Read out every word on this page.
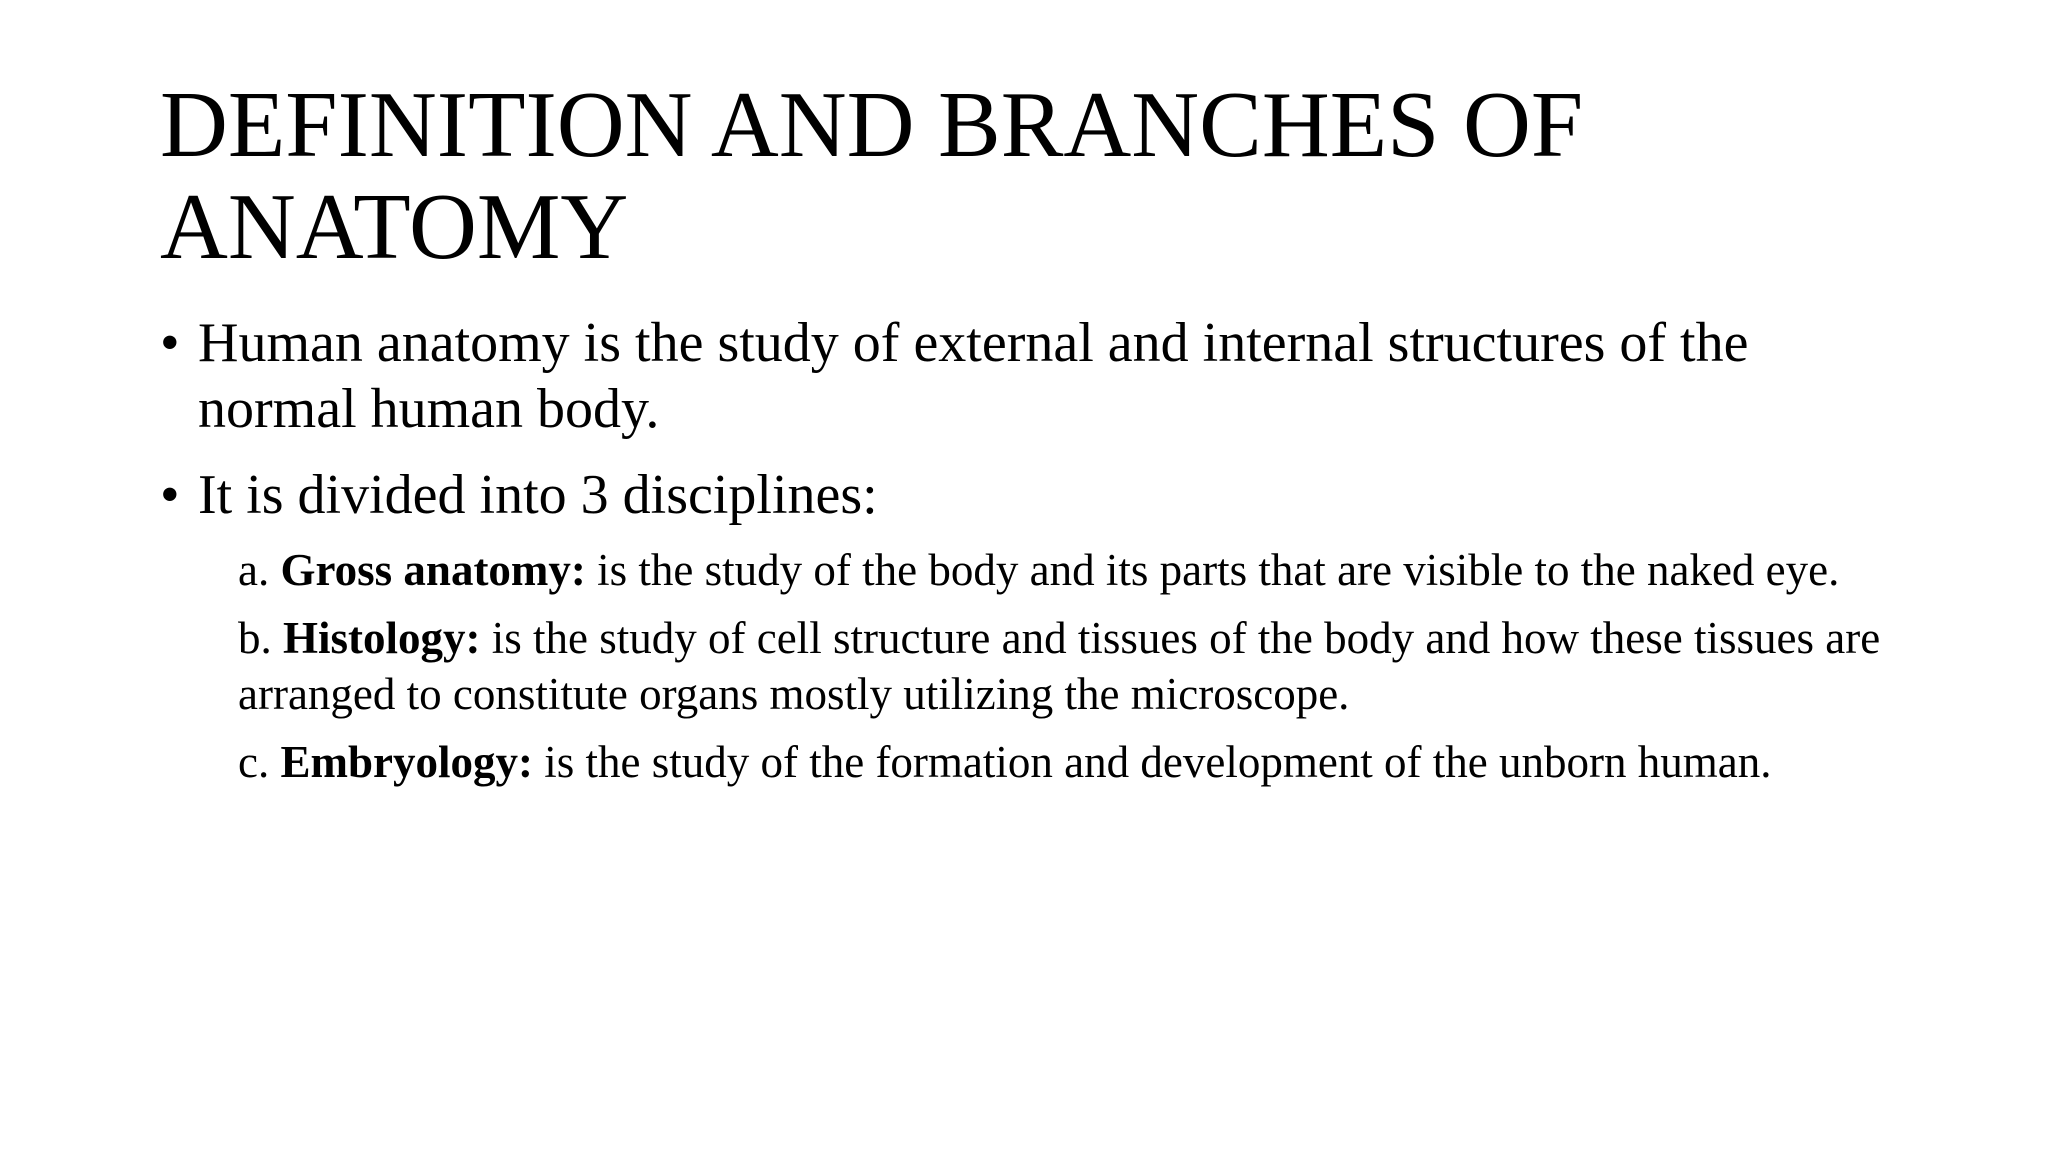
DEFINITION AND BRANCHES OF ANATOMY
• Human anatomy is the study of external and internal structures of the normal human body.
• It is divided into 3 disciplines:
a. Gross anatomy: is the study of the body and its parts that are visible to the naked eye.
b. Histology: is the study of cell structure and tissues of the body and how these tissues are arranged to constitute organs mostly utilizing the microscope.
c. Embryology: is the study of the formation and development of the unborn human.
